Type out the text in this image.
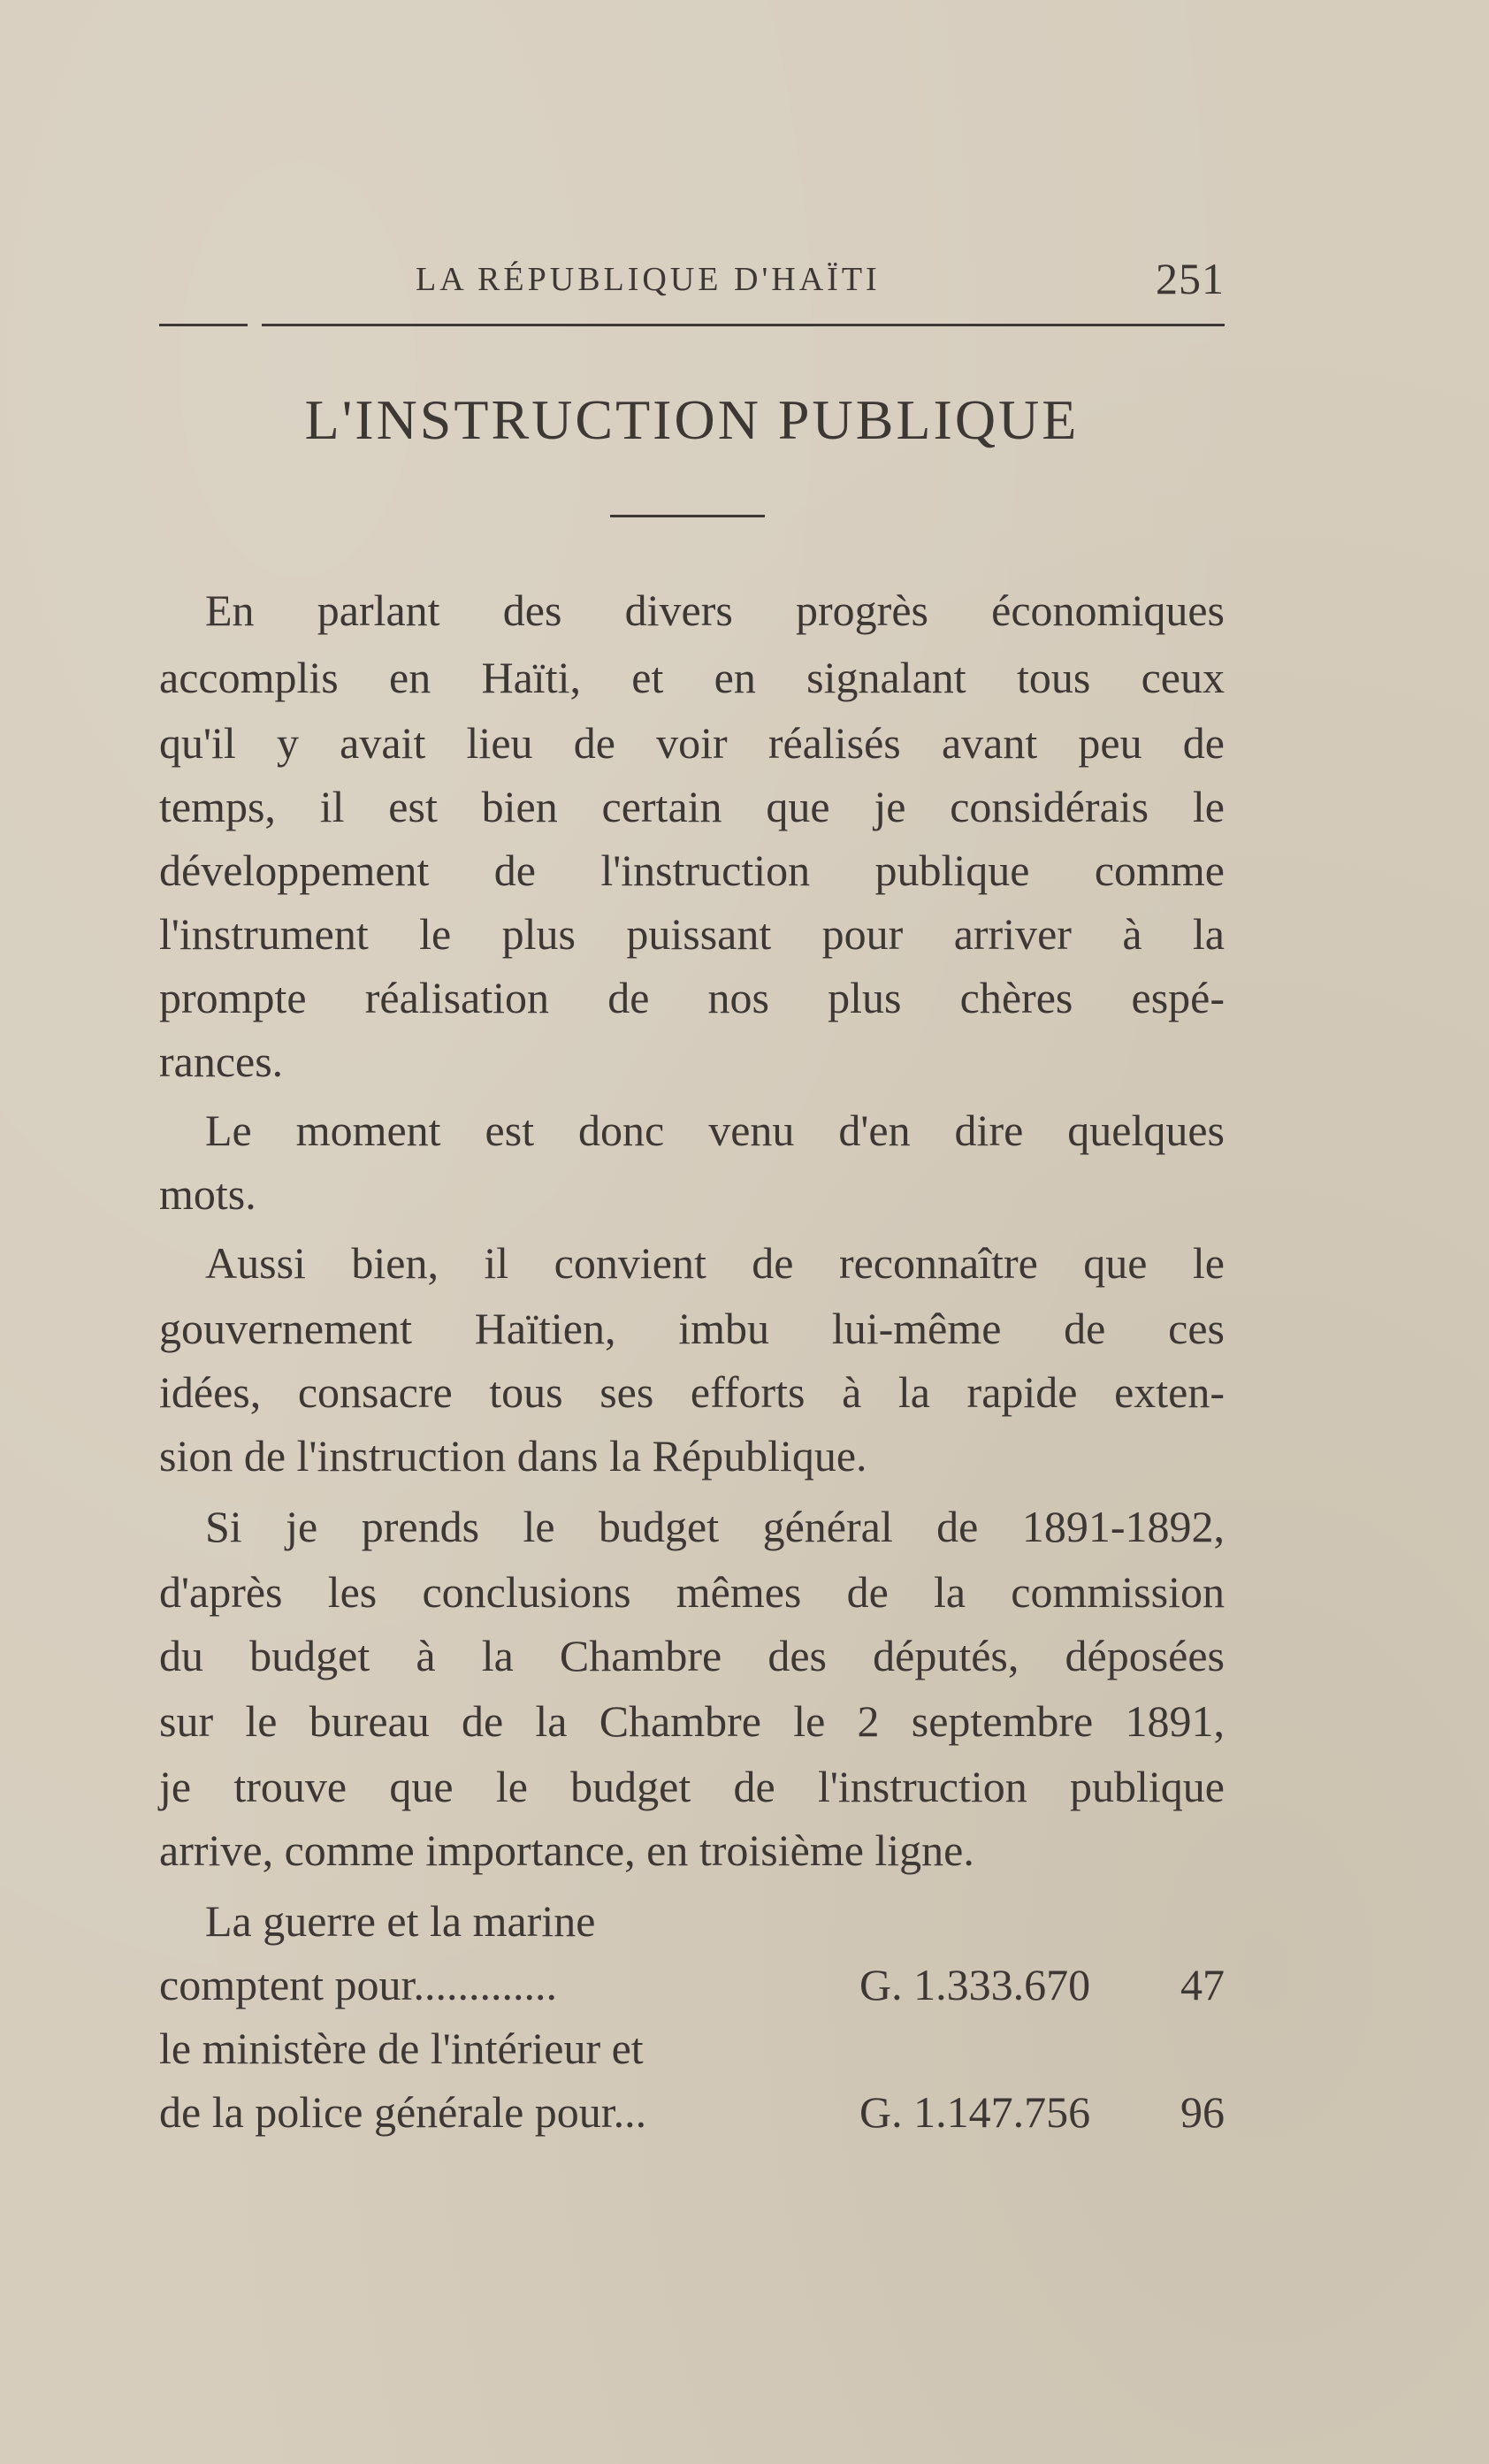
LA RÉPUBLIQUE D'HAÏTI	251
L'INSTRUCTION PUBLIQUE
En parlant des divers progrès économiques
accomplis en Haïti, et en signalant tous ceux
qu'il y avait lieu de voir réalisés avant peu de
temps, il est bien certain que je considérais le
développement de l'instruction publique comme
l'instrument le plus puissant pour arriver à la
prompte réalisation de nos plus chères espé-
rances.
Le moment est donc venu d'en dire quelques
mots.
Aussi bien, il convient de reconnaître que le
gouvernement Haïtien, imbu lui-même de ces
idées, consacre tous ses efforts à la rapide exten-
sion de l'instruction dans la République.
Si je prends le budget général de 1891-1892,
d'après les conclusions mêmes de la commission
du budget à la Chambre des députés, déposées
sur le bureau de la Chambre le 2 septembre 1891,
je trouve que le budget de l'instruction publique
arrive, comme importance, en troisième ligne.
La guerre et la marine
comptent pour.............	G. 1.333.670 47
le ministère de l'intérieur et
de la police générale pour...	G. 1.147.756 96
